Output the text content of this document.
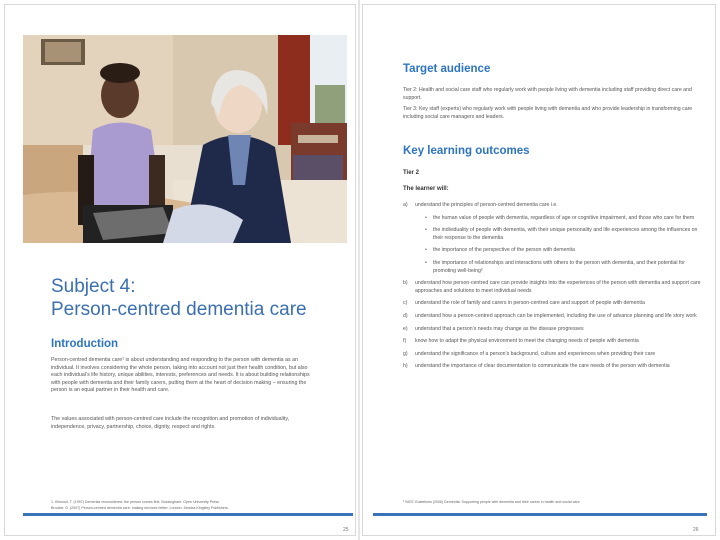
Subject 4:
Person-centred dementia care
Introduction

Person-centred dementia care¹ is about understanding and responding to the person with dementia as an individual. It involves considering the whole person, taking into account not just their health condition, but also each individual’s life history, unique abilities, interests, preferences and needs. It is about building relationships with people with dementia and their family carers, putting them at the heart of decision making – ensuring the person is an equal partner in their health and care.

The values associated with person-centred care include the recognition and promotion of individuality, independence, privacy, partnership, choice, dignity, respect and rights.

1. Kitwood, T. (1997) Dementia reconsidered: the person comes first. Buckingham: Open University Press
Brooker, D. (2007) Person-centred dementia care: making services better. London: Jessica Kingsley Publishers.
25
Target audience

Tier 2: Health and social care staff who regularly work with people living with dementia including staff providing direct care and support.

Tier 3: Key staff (experts) who regularly work with people living with dementia and who provide leadership in transforming care including social care managers and leaders.

Key learning outcomes
Tier 2
The learner will:
a) understand the principles of person-centred dementia care i.e.
• the human value of people with dementia, regardless of age or cognitive impairment, and those who care for them
• the individuality of people with dementia, with their unique personality and life experiences among the influences on their response to the dementia
• the importance of the perspective of the person with dementia
• the importance of relationships and interactions with others to the person with dementia, and their potential for promoting well-being²
b) understand how person-centred care can provide insights into the experiences of the person with dementia and support care approaches and solutions to meet individual needs
c) understand the role of family and carers in person-centred care and support of people with dementia
d) understand how a person-centred approach can be implemented, including the use of advance planning and life story work
e) understand that a person’s needs may change as the disease progresses
f) know how to adapt the physical environment to meet the changing needs of people with dementia
g) understand the significance of a person’s background, culture and experiences when providing their care
h) understand the importance of clear documentation to communicate the care needs of the person with dementia
² NICE Guidelines (2006) Dementia: Supporting people with dementia and their carers in health and social care
26
